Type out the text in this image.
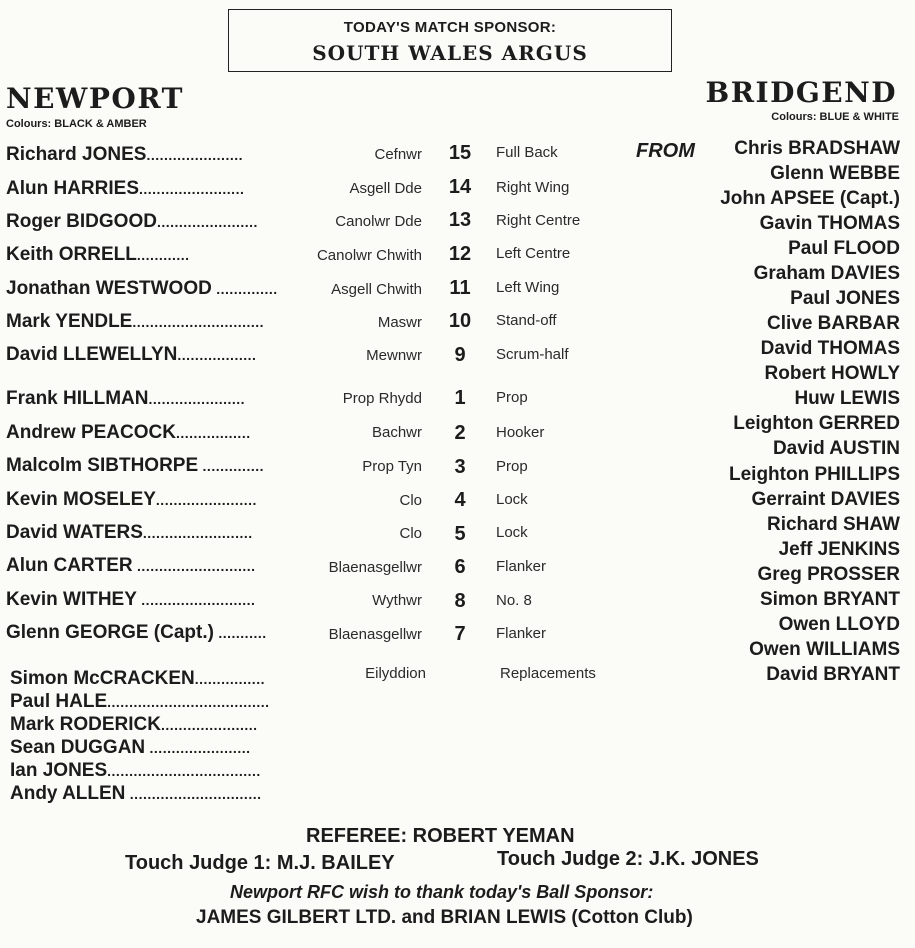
TODAY'S MATCH SPONSOR:
SOUTH WALES ARGUS
NEWPORT
Colours: BLACK & AMBER
BRIDGEND
Colours: BLUE & WHITE
Richard JONES......................	Cefnwr	15	Full Back
Alun HARRIES........................	Asgell Dde	14	Right Wing
Roger BIDGOOD.......................	Canolwr Dde	13	Right Centre
Keith ORRELL............	Canolwr Chwith	12	Left Centre
Jonathan WESTWOOD ..............	Asgell Chwith	11	Left Wing
Mark YENDLE..............................	Maswr	10	Stand-off
David LLEWELLYN..................	Mewnwr	9	Scrum-half
Frank HILLMAN......................	Prop Rhydd	1	Prop
Andrew PEACOCK.................	Bachwr	2	Hooker
Malcolm SIBTHORPE ..............	Prop Tyn	3	Prop
Kevin MOSELEY.......................	Clo	4	Lock
David WATERS.........................	Clo	5	Lock
Alun CARTER ...........................	Blaenasgellwr	6	Flanker
Kevin WITHEY ..........................	Wythwr	8	No. 8
Glenn GEORGE (Capt.) ...........	Blaenasgellwr	7	Flanker
Eilyddion	Replacements
Simon McCRACKEN................
Paul HALE.....................................
Mark RODERICK......................
Sean DUGGAN .......................
Ian JONES...................................
Andy ALLEN ..............................
FROM	Chris BRADSHAW
Glenn WEBBE
John APSEE (Capt.)
Gavin THOMAS
Paul FLOOD
Graham DAVIES
Paul JONES
Clive BARBAR
David THOMAS
Robert HOWLY
Huw LEWIS
Leighton GERRED
David AUSTIN
Leighton PHILLIPS
Gerraint DAVIES
Richard SHAW
Jeff JENKINS
Greg PROSSER
Simon BRYANT
Owen LLOYD
Owen WILLIAMS
David BRYANT
REFEREE: ROBERT YEMAN
Touch Judge 1: M.J. BAILEY	Touch Judge 2: J.K. JONES
Newport RFC wish to thank today's Ball Sponsor:
JAMES GILBERT LTD. and BRIAN LEWIS (Cotton Club)
